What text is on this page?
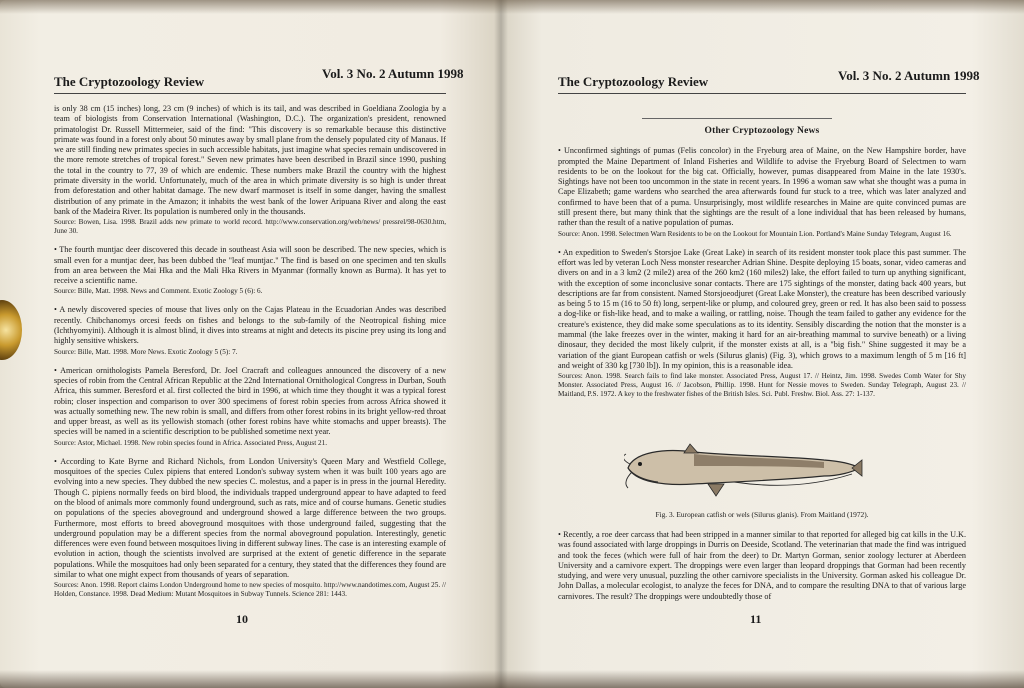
The Cryptozoology Review
Vol. 3 No. 2 Autumn 1998

is only 38 cm (15 inches) long, 23 cm (9 inches) of which is its tail, and was described in Goeldiana Zoologia by a team of biologists from Conservation International (Washington, D.C.). The organization's president, renowned primatologist Dr. Russell Mittermeier, said of the find: "This discovery is so remarkable because this distinctive primate was found in a forest only about 50 minutes away by small plane from the densely populated city of Manaus. If we are still finding new primates species in such accessible habitats, just imagine what species remain undiscovered in the more remote stretches of tropical forest." Seven new primates have been described in Brazil since 1990, pushing the total in the country to 77, 39 of which are endemic. These numbers make Brazil the country with the highest primate diversity in the world. Unfortunately, much of the area in which primate diversity is so high is under threat from deforestation and other habitat damage. The new dwarf marmoset is itself in some danger, having the smallest distribution of any primate in the Amazon; it inhabits the west bank of the lower Aripuana River and along the east bank of the Madeira River. Its population is numbered only in the thousands.
Source: Bowen, Lisa. 1998. Brazil adds new primate to world record. http://www.conservation.org/web/news/ pressrel/98-0630.htm, June 30.

• The fourth muntjac deer discovered this decade in southeast Asia will soon be described. The new species, which is small even for a muntjac deer, has been dubbed the "leaf muntjac." The find is based on one specimen and ten skulls from an area between the Mai Hka and the Mali Hka Rivers in Myanmar (formally known as Burma). It has yet to receive a scientific name.
Source: Bille, Matt. 1998. News and Comment. Exotic Zoology 5 (6): 6.

• A newly discovered species of mouse that lives only on the Cajas Plateau in the Ecuadorian Andes was described recently. Chibchanomys orcesi feeds on fishes and belongs to the sub-family of the Neotropical fishing mice (Ichthyomyini). Although it is almost blind, it dives into streams at night and detects its piscine prey using its long and highly sensitive whiskers.
Source: Bille, Matt. 1998. More News. Exotic Zoology 5 (5): 7.

• American ornithologists Pamela Beresford, Dr. Joel Cracraft and colleagues announced the discovery of a new species of robin from the Central African Republic at the 22nd International Ornithological Congress in Durban, South Africa, this summer. Beresford et al. first collected the bird in 1996, at which time they thought it was a typical forest robin; closer inspection and comparison to over 300 specimens of forest robin species from across Africa showed it was actually something new. The new robin is small, and differs from other forest robins in its bright yellow-red throat and upper breast, as well as its yellowish stomach (other forest robins have white stomachs and upper breasts). The species will be named in a scientific description to be published sometime next year.
Source: Astor, Michael. 1998. New robin species found in Africa. Associated Press, August 21.

• According to Kate Byrne and Richard Nichols, from London University's Queen Mary and Westfield College, mosquitoes of the species Culex pipiens that entered London's subway system when it was built 100 years ago are evolving into a new species. They dubbed the new species C. molestus, and a paper is in press in the journal Heredity. Though C. pipiens normally feeds on bird blood, the individuals trapped underground appear to have adapted to feed on the blood of animals more commonly found underground, such as rats, mice and of course humans. Genetic studies on populations of the species aboveground and underground showed a large difference between the two groups. Furthermore, most efforts to breed aboveground mosquitoes with those underground failed, suggesting that the underground population may be a different species from the normal aboveground population. Interestingly, genetic differences were even found between mosquitoes living in different subway lines. The case is an interesting example of evolution in action, though the scientists involved are surprised at the extent of genetic difference in the separate populations. While the mosquitoes had only been separated for a century, they stated that the differences they found are similar to what one might expect from thousands of years of separation.
Sources: Anon. 1998. Report claims London Underground home to new species of mosquito. http://www.nandotimes.com, August 25. // Holden, Constance. 1998. Dead Medium: Mutant Mosquitoes in Subway Tunnels. Science 281: 1443.

10
The Cryptozoology Review	Vol. 3 No. 2 Autumn 1998
Other Cryptozoology News

• Unconfirmed sightings of pumas (Felis concolor) in the Fryeburg area of Maine, on the New Hampshire border, have prompted the Maine Department of Inland Fisheries and Wildlife to advise the Fryeburg Board of Selectmen to warn residents to be on the lookout for the big cat. Officially, however, pumas disappeared from Maine in the late 1930's. Sightings have not been too uncommon in the state in recent years. In 1996 a woman saw what she thought was a puma in Cape Elizabeth; game wardens who searched the area afterwards found fur stuck to a tree, which was later analyzed and confirmed to have been that of a puma. Unsurprisingly, most wildlife researches in Maine are quite convinced pumas are still present there, but many think that the sightings are the result of a lone individual that has been released by humans, rather than the result of a native population of pumas.
Source: Anon. 1998. Selectmen Warn Residents to be on the Lookout for Mountain Lion. Portland's Maine Sunday Telegram, August 16.

• An expedition to Sweden's Storsjoe Lake (Great Lake) in search of its resident monster took place this past summer. The effort was led by veteran Loch Ness monster researcher Adrian Shine. Despite deploying 15 boats, sonar, video cameras and divers on and in a 3 km2 (2 mile2) area of the 260 km2 (160 miles2) lake, the effort failed to turn up anything significant, with the exception of some inconclusive sonar contacts. There are 175 sightings of the monster, dating back 400 years, but descriptions are far from consistent. Named Storsjoeodjuret (Great Lake Monster), the creature has been described variously as being 5 to 15 m (16 to 50 ft) long, serpent-like or plump, and coloured grey, green or red. It has also been said to possess a dog-like or fish-like head, and to make a wailing, or rattling, noise. Though the team failed to gather any evidence for the creature's existence, they did make some speculations as to its identity. Sensibly discarding the notion that the monster is a mammal (the lake freezes over in the winter, making it hard for an air-breathing mammal to survive beneath) or a living dinosaur, they decided the most likely culprit, if the monster exists at all, is a "big fish." Shine suggested it may be a variation of the giant European catfish or wels (Silurus glanis) (Fig. 3), which grows to a maximum length of 5 m [16 ft] and weight of 330 kg [730 lb]). In my opinion, this is a reasonable idea.
Sources: Anon. 1998. Search fails to find lake monster. Associated Press, August 17. // Heintz, Jim. 1998. Swedes Comb Water for Shy Monster. Associated Press, August 16. // Jacobson, Phillip. 1998. Hunt for Nessie moves to Sweden. Sunday Telegraph, August 23. // Maitland, P.S. 1972. A key to the freshwater fishes of the British Isles. Sci. Publ. Freshw. Biol. Ass. 27: 1-137.

Fig. 3. European catfish or wels (Silurus glanis). From Maitland (1972).

• Recently, a roe deer carcass that had been stripped in a manner similar to that reported for alleged big cat kills in the U.K. was found associated with large droppings in Durris on Deeside, Scotland. The veterinarian that made the find was intrigued and took the feces (which were full of hair from the deer) to Dr. Martyn Gorman, senior zoology lecturer at Aberdeen University and a carnivore expert. The droppings were even larger than leopard droppings that Gorman had been recently studying, and were very unusual, puzzling the other carnivore specialists in the University. Gorman asked his colleague Dr. John Dallas, a molecular ecologist, to analyze the feces for DNA, and to compare the resulting DNA to that of various large carnivores. The result? The droppings were undoubtedly those of

11
